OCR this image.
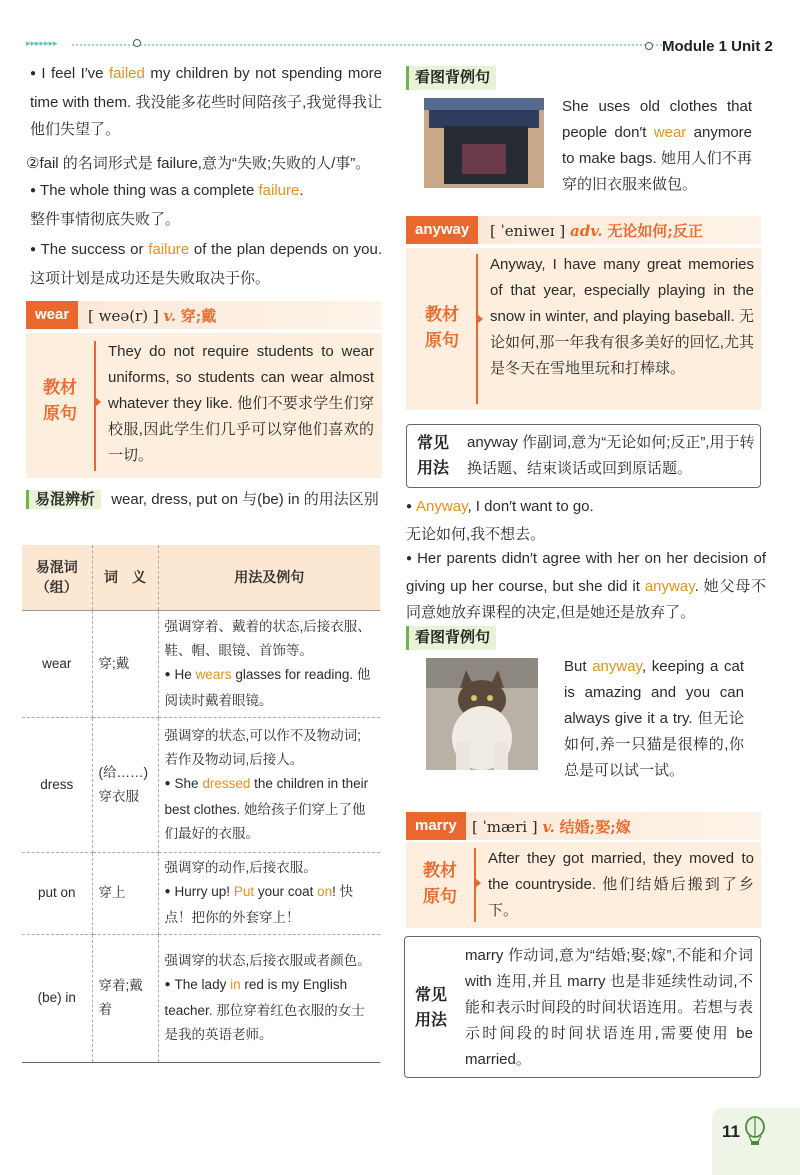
▸▸▸▸▸▸▸	Module 1 Unit 2
● I feel I′ve failed my children by not spending more time with them. 我没能多花些时间陪孩子,我觉得我让他们失望了。
②fail 的名词形式是 failure,意为“失败;失败的人/事”。
● The whole thing was a complete failure.
整件事情彻底失败了。
● The success or failure of the plan depends on you. 这项计划是成功还是失败取决于你。
wear	[ weə(r) ] v. 穿;戴
教材原句
They do not require students to wear uniforms, so students can wear almost whatever they like. 他们不要求学生们穿校服,因此学生们几乎可以穿他们喜欢的一切。
易混辨析 wear, dress, put on 与(be) in 的用法区别
易混词（组）	词　义	用法及例句
wear	穿;戴	强调穿着、戴着的状态,后接衣服、鞋、帽、眼镜、首饰等。
● He wears glasses for reading. 他阅读时戴着眼镜。
dress	(给……)穿衣服	强调穿的状态,可以作不及物动词;若作及物动词,后接人。
● She dressed the children in their best clothes. 她给孩子们穿上了他们最好的衣服。
put on	穿上	强调穿的动作,后接衣服。
● Hurry up! Put your coat on! 快点！把你的外套穿上！
(be) in	穿着;戴着	强调穿的状态,后接衣服或者颜色。
● The lady in red is my English teacher. 那位穿着红色衣服的女士是我的英语老师。
看图背例句
She uses old clothes that people don′t wear anymore to make bags. 她用人们不再穿的旧衣服来做包。
anyway	[ ˈeniweɪ ] adv. 无论如何;反正
教材原句
Anyway, I have many great memories of that year, especially playing in the snow in winter, and playing baseball. 无论如何,那一年我有很多美好的回忆,尤其是冬天在雪地里玩和打棒球。
常见用法
anyway 作副词,意为“无论如何;反正”,用于转换话题、结束谈话或回到原话题。
● Anyway, I don′t want to go.
无论如何,我不想去。
● Her parents didn′t agree with her on her decision of giving up her course, but she did it anyway. 她父母不同意她放弃课程的决定,但是她还是放弃了。
看图背例句
But anyway, keeping a cat is amazing and you can always give it a try. 但无论如何,养一只猫是很棒的,你总是可以试一试。
marry	[ ˈmæri ] v. 结婚;娶;嫁
教材原句
After they got married, they moved to the countryside. 他们结婚后搬到了乡下。
常见用法
marry 作动词,意为“结婚;娶;嫁”,不能和介词 with 连用,并且 marry 也是非延续性动词,不能和表示时间段的时间状语连用。若想与表示时间段的时间状语连用,需要使用 be married。
11
